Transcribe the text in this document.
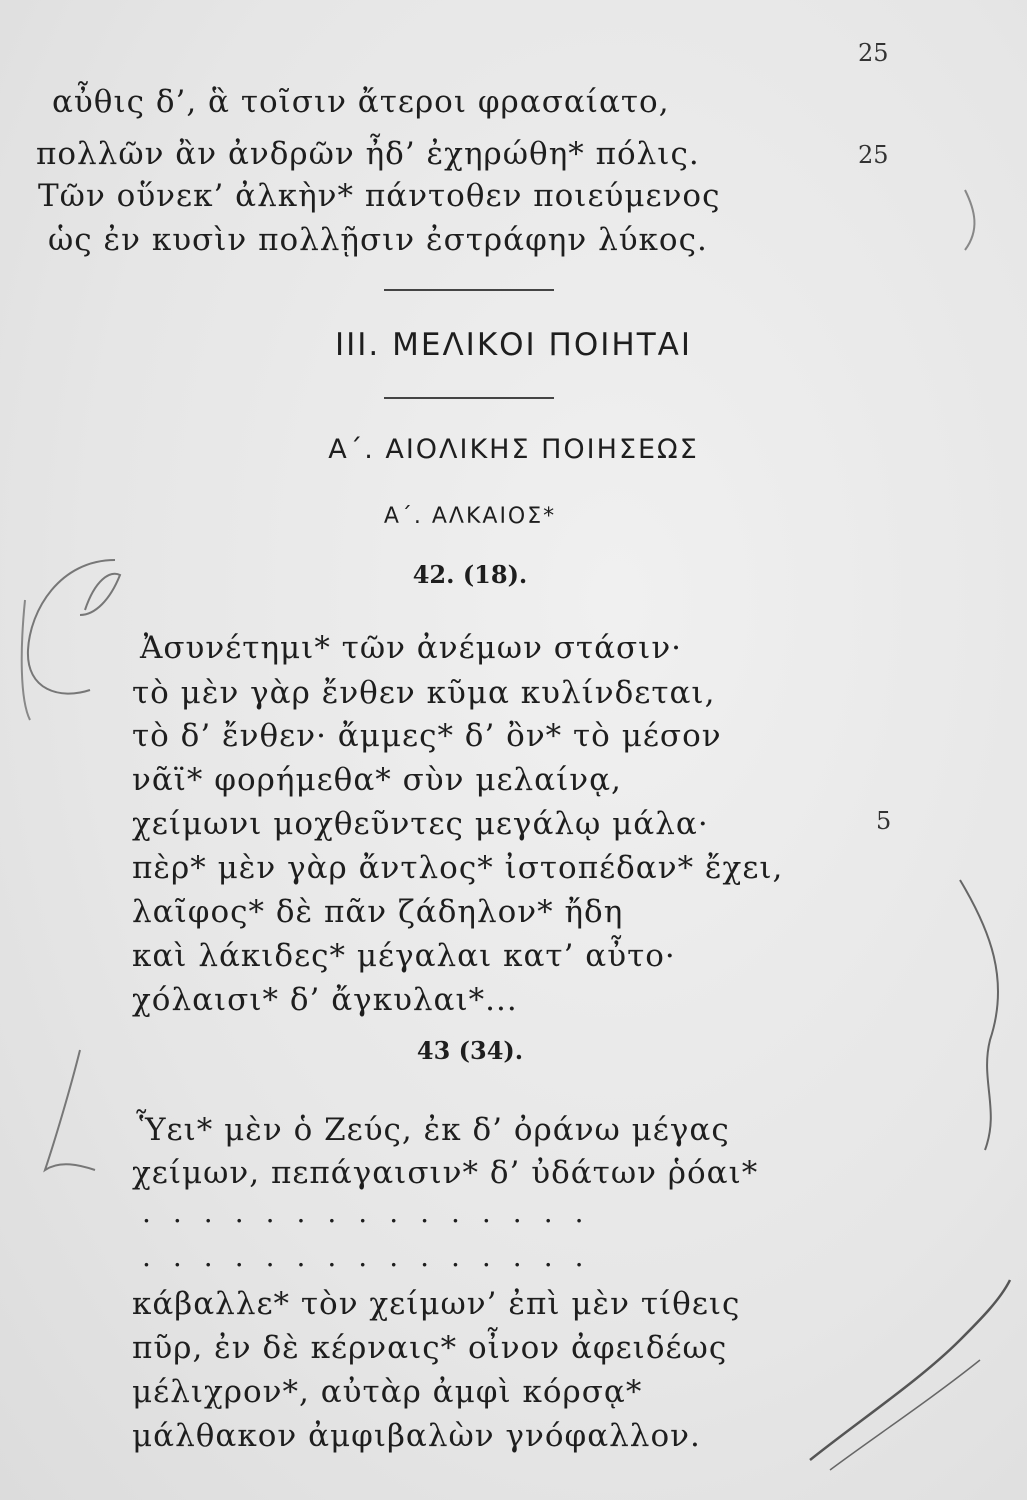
25
αὖθις δ’, ἃ τοῖσιν ἄτεροι φρασαίατο,
πολλῶν ἂν ἀνδρῶν ἦδ’ ἐχηρώθη* πόλις.	25
Τῶν οὕνεκ’ ἀλκὴν* πάντοθεν ποιεύμενος
ὡς ἐν κυσὶν πολλῇσιν ἐστράφην λύκος.
III. ΜΕΛΙΚΟΙ ΠΟΙΗΤΑΙ
Α΄. ΑΙΟΛΙΚΗΣ ΠΟΙΗΣΕΩΣ
Α΄. ΑΛΚΑΙΟΣ*
42. (18).
Ἀσυνέτημι* τῶν ἀνέμων στάσιν·
τὸ μὲν γὰρ ἔνθεν κῦμα κυλίνδεται,
τὸ δ’ ἔνθεν· ἄμμες* δ’ ὂν* τὸ μέσον
νᾶϊ* φορήμεθα* σὺν μελαίνᾳ,
χείμωνι μοχθεῦντες μεγάλῳ μάλα·	5
πὲρ* μὲν γὰρ ἄντλος* ἰστοπέδαν* ἔχει,
λαῖφος* δὲ πᾶν ζάδηλον* ἤδη
καὶ λάκιδες* μέγαλαι κατ’ αὖτο·
χόλαισι* δ’ ἄγκυλαι*...
43 (34).
Ὗει* μὲν ὁ Ζεύς, ἐκ δ’ ὀράνω μέγας
χείμων, πεπάγαισιν* δ’ ὐδάτων ῥόαι*
...............
...............
κάβαλλε* τὸν χείμων’ ἐπὶ μὲν τίθεις
πῦρ, ἐν δὲ κέρναις* οἶνον ἀφειδέως
μέλιχρον*, αὐτὰρ ἀμφὶ κόρσᾳ*
μάλθακον ἀμφιβαλὼν γνόφαλλον.
